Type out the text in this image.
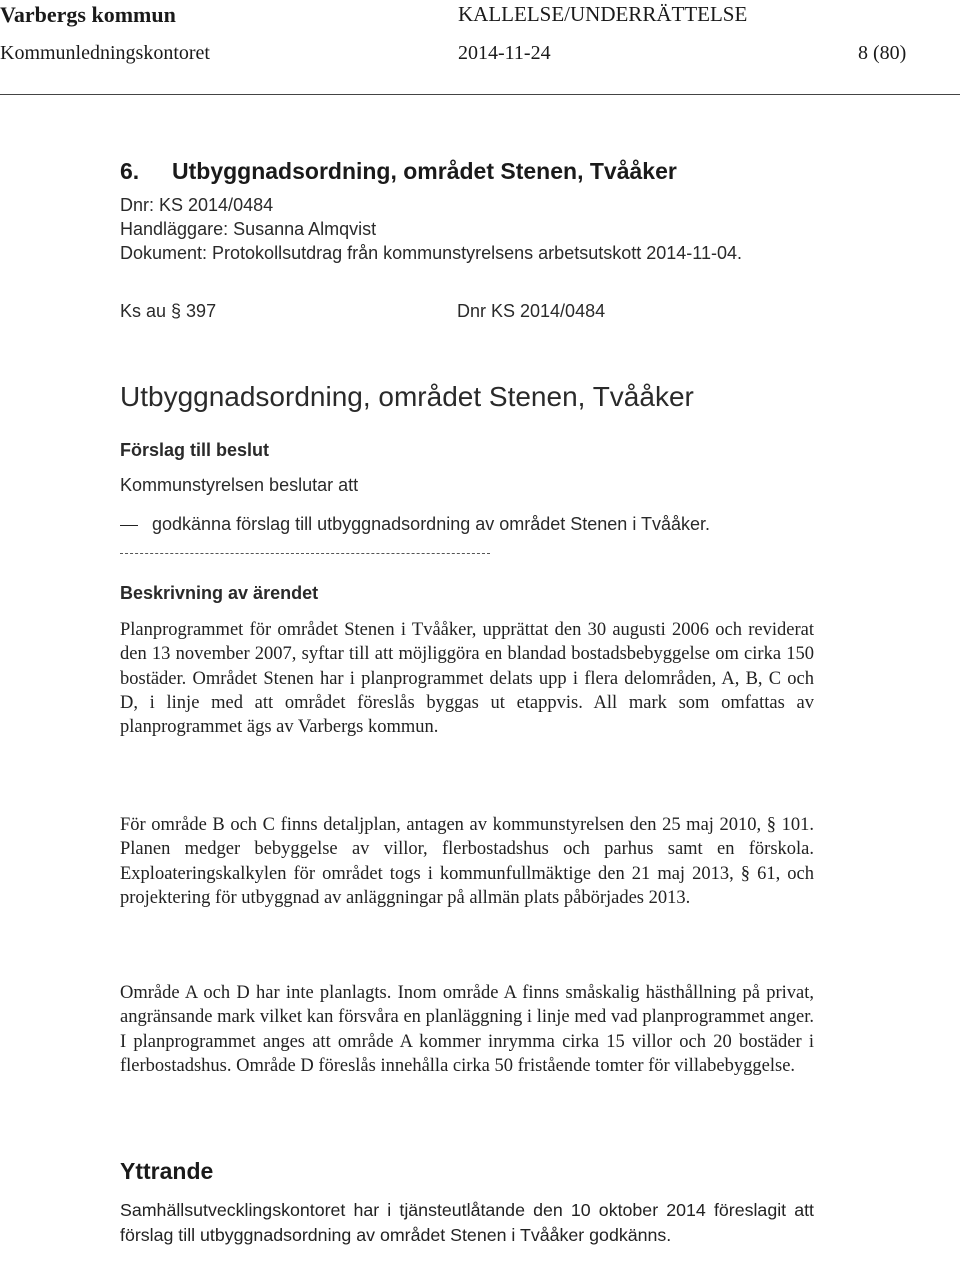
Varbergs kommun	KALLELSE/UNDERRÄTTELSE
Kommunledningskontoret	2014-11-24	8 (80)
6. Utbyggnadsordning, området Stenen, Tvååker
Dnr: KS 2014/0484
Handläggare: Susanna Almqvist
Dokument: Protokollsutdrag från kommunstyrelsens arbetsutskott 2014-11-04.
Ks au § 397	Dnr KS 2014/0484
Utbyggnadsordning, området Stenen, Tvååker
Förslag till beslut
Kommunstyrelsen beslutar att
godkänna förslag till utbyggnadsordning av området Stenen i Tvååker.
Beskrivning av ärendet

Planprogrammet för området Stenen i Tvååker, upprättat den 30 augusti 2006 och reviderat den 13 november 2007, syftar till att möjliggöra en blandad bostadsbebyggelse om cirka 150 bostäder. Området Stenen har i planprogrammet delats upp i flera delområden, A, B, C och D, i linje med att området föreslås byggas ut etappvis. All mark som omfattas av planprogrammet ägs av Varbergs kommun.

För område B och C finns detaljplan, antagen av kommunstyrelsen den 25 maj 2010, § 101. Planen medger bebyggelse av villor, flerbostadshus och parhus samt en förskola. Exploateringskalkylen för området togs i kommunfullmäktige den 21 maj 2013, § 61, och projektering för utbyggnad av anläggningar på allmän plats påbörjades 2013.

Område A och D har inte planlagts. Inom område A finns småskalig hästhållning på privat, angränsande mark vilket kan försvåra en planläggning i linje med vad planprogrammet anger. I planprogrammet anges att område A kommer inrymma cirka 15 villor och 20 bostäder i flerbostadshus. Område D föreslås innehålla cirka 50 fristående tomter för villabebyggelse.

Yttrande

Samhällsutvecklingskontoret har i tjänsteutlåtande den 10 oktober 2014 föreslagit att förslag till utbyggnadsordning av området Stenen i Tvååker godkänns.
